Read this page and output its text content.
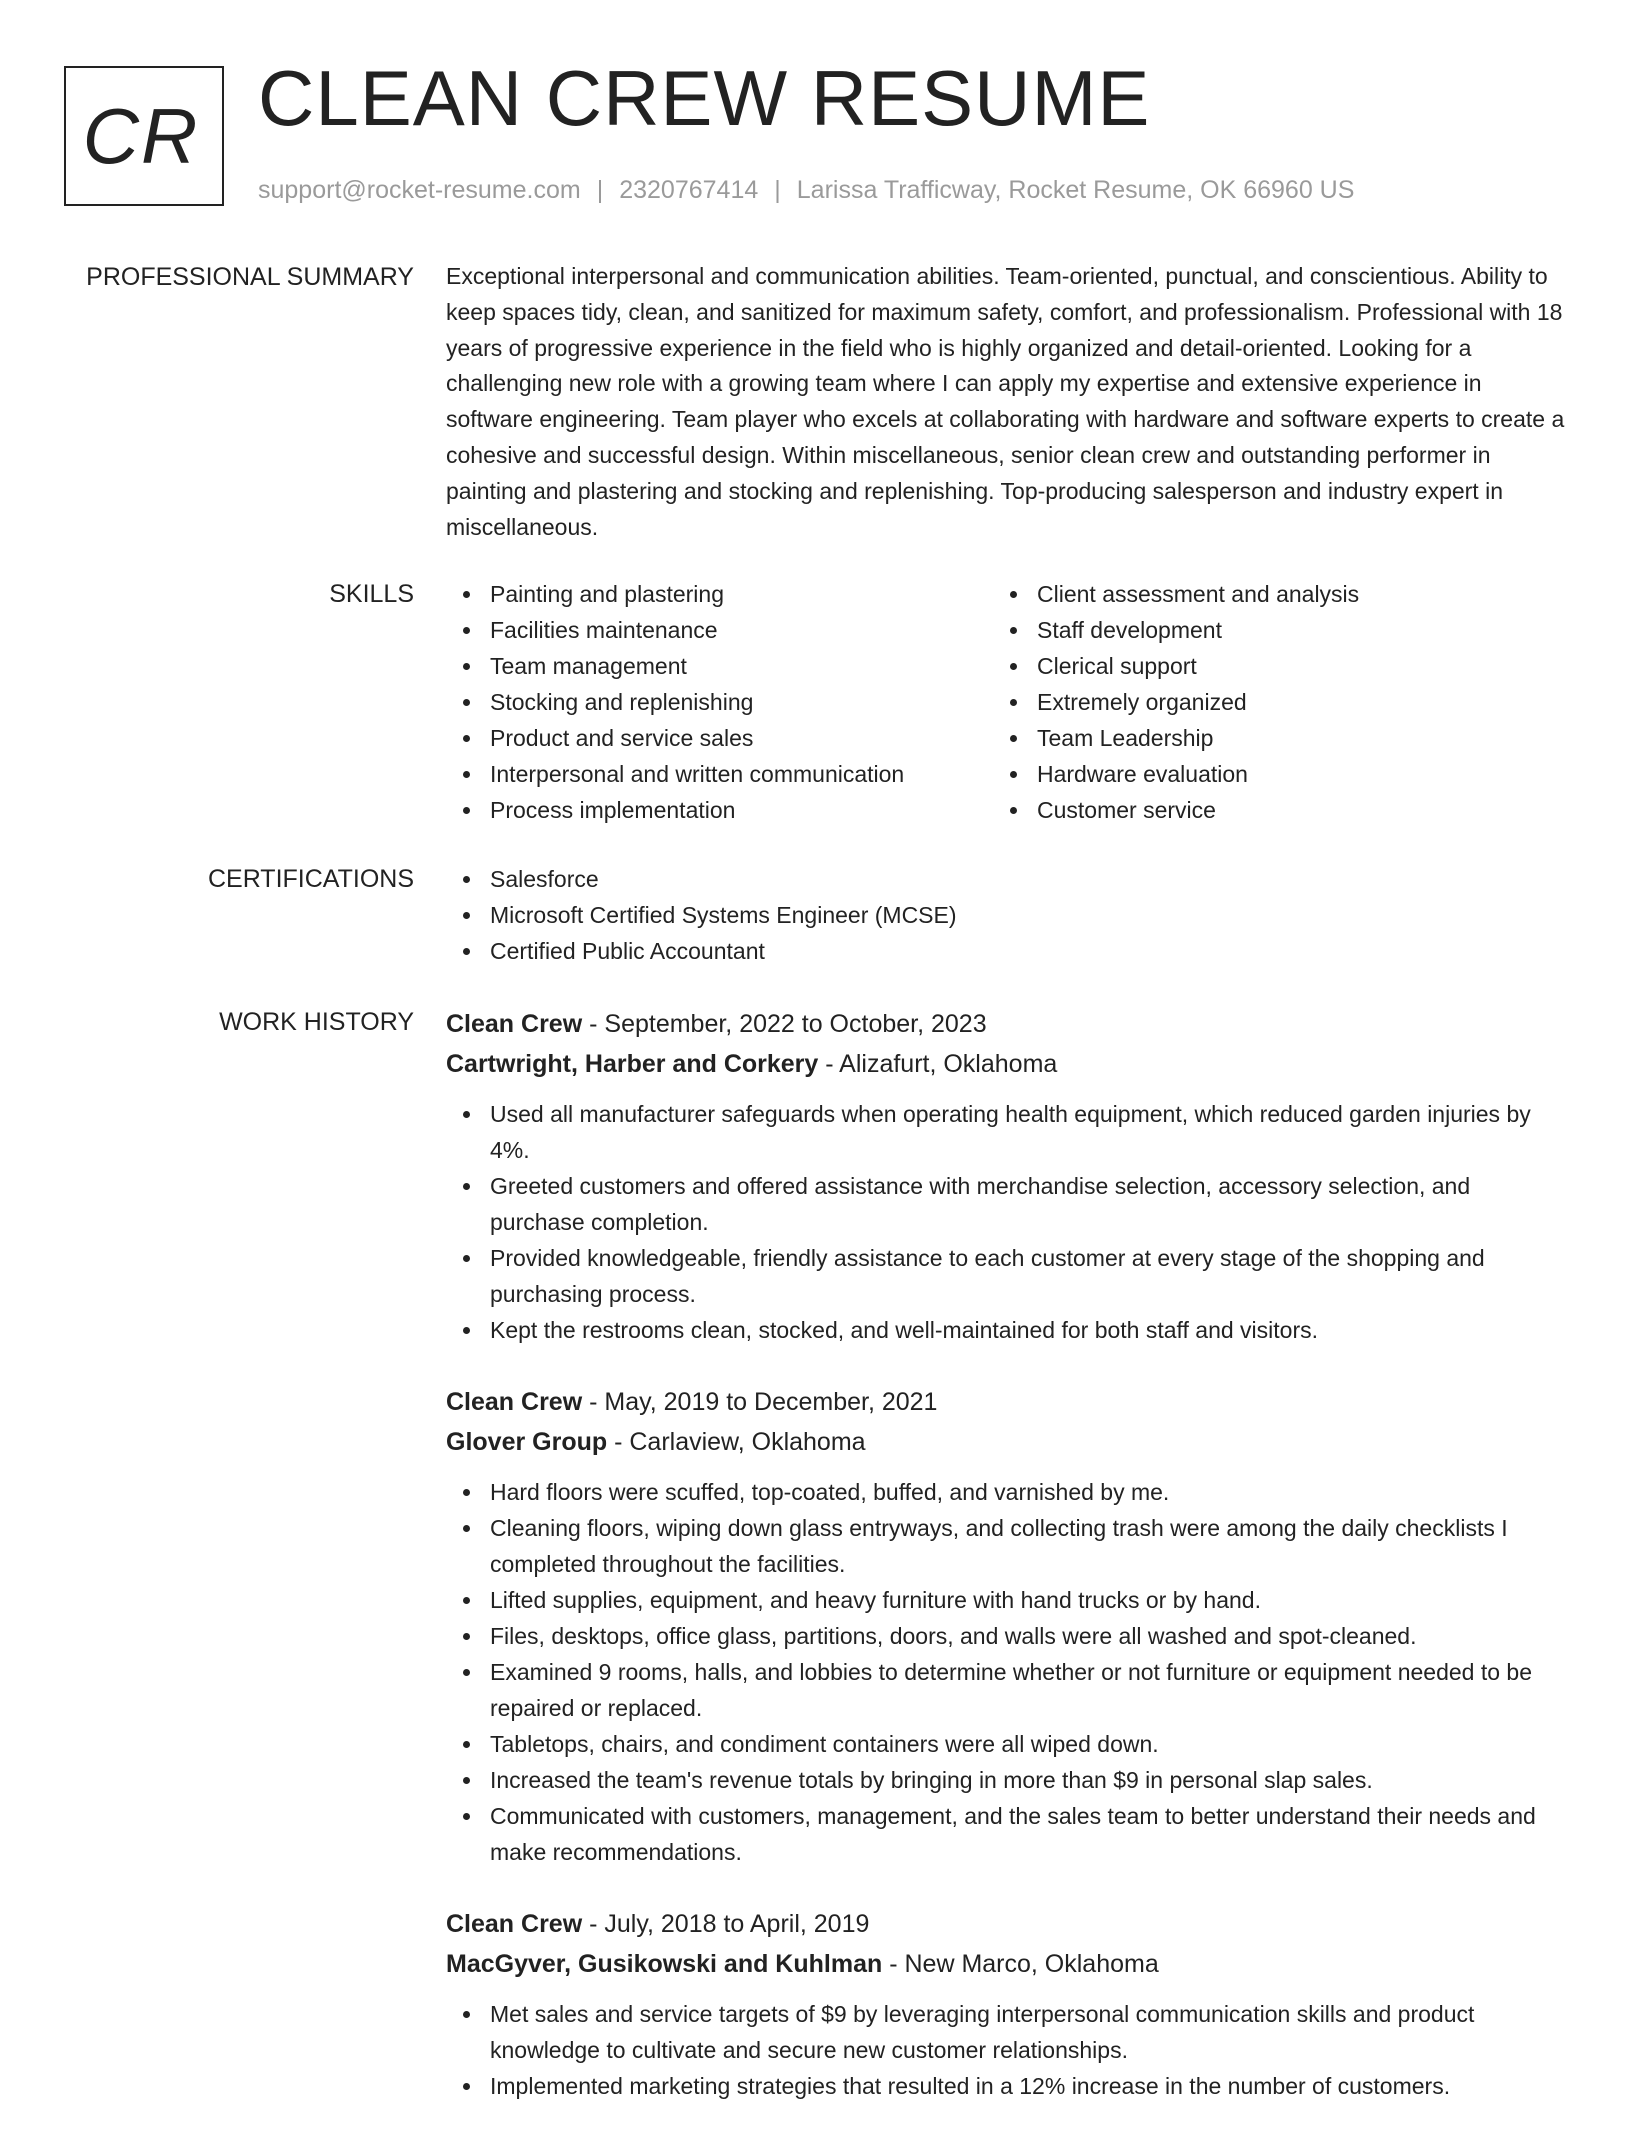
CR CLEAN CREW RESUME
support@rocket-resume.com | 2320767414 | Larissa Trafficway, Rocket Resume, OK 66960 US
PROFESSIONAL SUMMARY Exceptional interpersonal and communication abilities. Team-oriented, punctual, and conscientious. Ability to keep spaces tidy, clean, and sanitized for maximum safety, comfort, and professionalism. Professional with 18 years of progressive experience in the field who is highly organized and detail-oriented. Looking for a challenging new role with a growing team where I can apply my expertise and extensive experience in software engineering. Team player who excels at collaborating with hardware and software experts to create a cohesive and successful design. Within miscellaneous, senior clean crew and outstanding performer in painting and plastering and stocking and replenishing. Top-producing salesperson and industry expert in miscellaneous.

SKILLS	Painting and plastering
Facilities maintenance
Team management
Stocking and replenishing
Product and service sales
Interpersonal and written communication
Process implementation
Client assessment and analysis
Staff development
Clerical support
Extremely organized
Team Leadership
Hardware evaluation
Customer service
CERTIFICATIONS	Salesforce
Microsoft Certified Systems Engineer (MCSE)
Certified Public Accountant
WORK HISTORY Clean Crew - September, 2022 to October, 2023
Cartwright, Harber and Corkery - Alizafurt, Oklahoma
Used all manufacturer safeguards when operating health equipment, which reduced garden injuries by 4%.
Greeted customers and offered assistance with merchandise selection, accessory selection, and purchase completion.
Provided knowledgeable, friendly assistance to each customer at every stage of the shopping and purchasing process.
Kept the restrooms clean, stocked, and well-maintained for both staff and visitors.
Clean Crew - May, 2019 to December, 2021
Glover Group - Carlaview, Oklahoma
Hard floors were scuffed, top-coated, buffed, and varnished by me.
Cleaning floors, wiping down glass entryways, and collecting trash were among the daily checklists I completed throughout the facilities.
Lifted supplies, equipment, and heavy furniture with hand trucks or by hand.
Files, desktops, office glass, partitions, doors, and walls were all washed and spot-cleaned.
Examined 9 rooms, halls, and lobbies to determine whether or not furniture or equipment needed to be repaired or replaced.
Tabletops, chairs, and condiment containers were all wiped down.
Increased the team's revenue totals by bringing in more than $9 in personal slap sales.
Communicated with customers, management, and the sales team to better understand their needs and make recommendations.
Clean Crew - July, 2018 to April, 2019
MacGyver, Gusikowski and Kuhlman - New Marco, Oklahoma
Met sales and service targets of $9 by leveraging interpersonal communication skills and product knowledge to cultivate and secure new customer relationships.
Implemented marketing strategies that resulted in a 12% increase in the number of customers.
